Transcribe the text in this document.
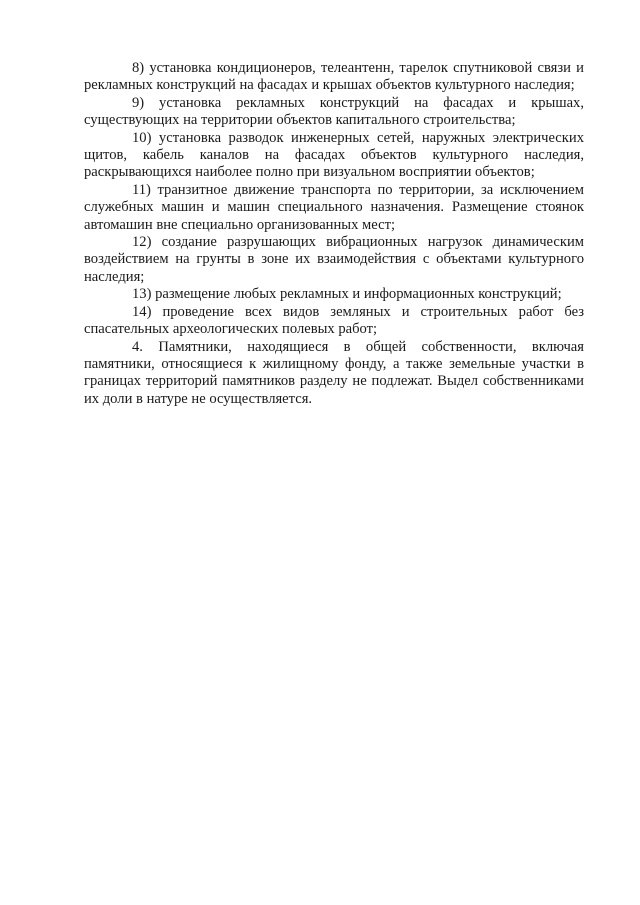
8) установка кондиционеров, телеантенн, тарелок спутниковой связи и рекламных конструкций на фасадах и крышах объектов культурного наследия;

9) установка рекламных конструкций на фасадах и крышах, существующих на территории объектов капитального строительства;

10) установка разводок инженерных сетей, наружных электрических щитов, кабель каналов на фасадах объектов культурного наследия, раскрывающихся наиболее полно при визуальном восприятии объектов;

11) транзитное движение транспорта по территории, за исключением служебных машин и машин специального назначения. Размещение стоянок автомашин вне специально организованных мест;

12) создание разрушающих вибрационных нагрузок динамическим воздействием на грунты в зоне их взаимодействия с объектами культурного наследия;

13) размещение любых рекламных и информационных конструкций;

14) проведение всех видов земляных и строительных работ без спасательных археологических полевых работ;

4. Памятники, находящиеся в общей собственности, включая памятники, относящиеся к жилищному фонду, а также земельные участки в границах территорий памятников разделу не подлежат. Выдел собственниками их доли в натуре не осуществляется.
